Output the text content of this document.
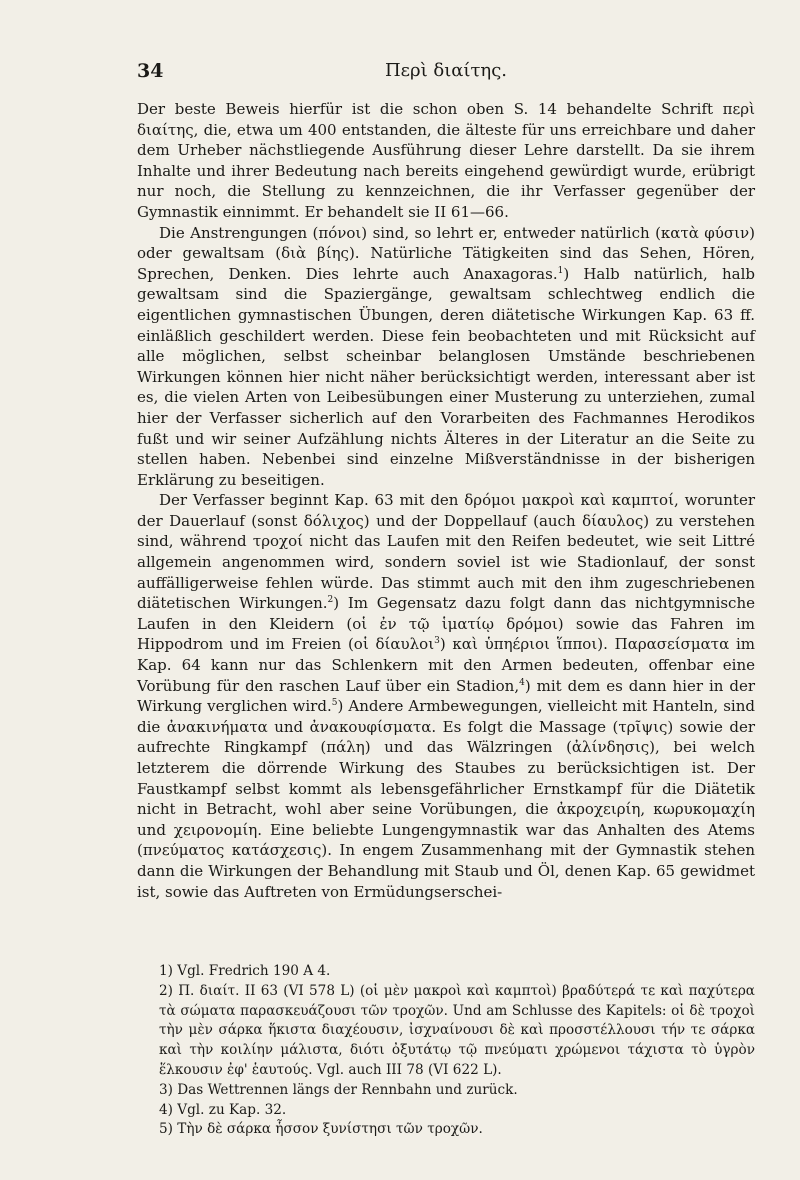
34	Περὶ διαίτης.

Der beste Beweis hierfür ist die schon oben S. 14 behandelte Schrift περὶ διαίτης, die, etwa um 400 entstanden, die älteste für uns erreichbare und daher dem Urheber nächstliegende Ausführung dieser Lehre darstellt. Da sie ihrem Inhalte und ihrer Bedeutung nach bereits eingehend gewürdigt wurde, erübrigt nur noch, die Stellung zu kennzeichnen, die ihr Verfasser gegenüber der Gymnastik einnimmt. Er behandelt sie II 61—66.

Die Anstrengungen (πόνοι) sind, so lehrt er, entweder natürlich (κατὰ φύσιν) oder gewaltsam (διὰ βίης). Natürliche Tätigkeiten sind das Sehen, Hören, Sprechen, Denken. Dies lehrte auch Anaxagoras.$^1$) Halb natürlich, halb gewaltsam sind die Spaziergänge, gewaltsam schlechtweg endlich die eigentlichen gymnastischen Übungen, deren diätetische Wirkungen Kap. 63 ff. einläßlich geschildert werden. Diese fein beobachteten und mit Rücksicht auf alle möglichen, selbst scheinbar belanglosen Umstände beschriebenen Wirkungen können hier nicht näher berücksichtigt werden, interessant aber ist es, die vielen Arten von Leibesübungen einer Musterung zu unterziehen, zumal hier der Verfasser sicherlich auf den Vorarbeiten des Fachmannes Herodikos fußt und wir seiner Aufzählung nichts Älteres in der Literatur an die Seite zu stellen haben. Nebenbei sind einzelne Mißverständnisse in der bisherigen Erklärung zu beseitigen.

Der Verfasser beginnt Kap. 63 mit den δρόμοι μακροὶ καὶ καμπτοί, worunter der Dauerlauf (sonst δόλιχος) und der Doppellauf (auch δίαυλος) zu verstehen sind, während τροχοί nicht das Laufen mit den Reifen bedeutet, wie seit Littré allgemein angenommen wird, sondern soviel ist wie Stadionlauf, der sonst auffälligerweise fehlen würde. Das stimmt auch mit den ihm zugeschriebenen diätetischen Wirkungen.$^2$) Im Gegensatz dazu folgt dann das nichtgymnische Laufen in den Kleidern (οἱ ἐν τῷ ἱματίῳ δρόμοι) sowie das Fahren im Hippodrom und im Freien (οἱ δίαυλοι$^3$) καὶ ὑπηέριοι ἵπποι). Παρασείσματα im Kap. 64 kann nur das Schlenkern mit den Armen bedeuten, offenbar eine Vorübung für den raschen Lauf über ein Stadion,$^4$) mit dem es dann hier in der Wirkung verglichen wird.$^5$) Andere Armbewegungen, vielleicht mit Hanteln, sind die ἀνακινήματα und ἀνακουφίσματα. Es folgt die Massage (τρῖψις) sowie der aufrechte Ringkampf (πάλη) und das Wälzringen (ἀλίνδησις), bei welch letzterem die dörrende Wirkung des Staubes zu berücksichtigen ist. Der Faustkampf selbst kommt als lebensgefährlicher Ernstkampf für die Diätetik nicht in Betracht, wohl aber seine Vorübungen, die ἀκροχειρίη, κωρυκομαχίη und χειρονομίη. Eine beliebte Lungengymnastik war das Anhalten des Atems (πνεύματος κατάσχεσις). In engem Zusammenhang mit der Gymnastik stehen dann die Wirkungen der Behandlung mit Staub und Öl, denen Kap. 65 gewidmet ist, sowie das Auftreten von Ermüdungserschei-

1) Vgl. Fredrich 190 A 4.

2) Π. διαίτ. II 63 (VI 578 L) (οἱ μὲν μακροὶ καὶ καμπτοὶ) βραδύτερά τε καὶ παχύτερα τὰ σώματα παρασκευάζουσι τῶν τροχῶν. Und am Schlusse des Kapitels: οἱ δὲ τροχοὶ τὴν μὲν σάρκα ἥκιστα διαχέουσιν, ἰσχναίνουσι δὲ καὶ προσστέλλουσι τήν τε σάρκα καὶ τὴν κοιλίην μάλιστα, διότι ὀξυτάτῳ τῷ πνεύματι χρώμενοι τάχιστα τὸ ὑγρὸν ἕλκουσιν ἐφ' ἑαυτούς. Vgl. auch III 78 (VI 622 L).

3) Das Wettrennen längs der Rennbahn und zurück.

4) Vgl. zu Kap. 32.

5) Τὴν δὲ σάρκα ἧσσον ξυνίστησι τῶν τροχῶν.
